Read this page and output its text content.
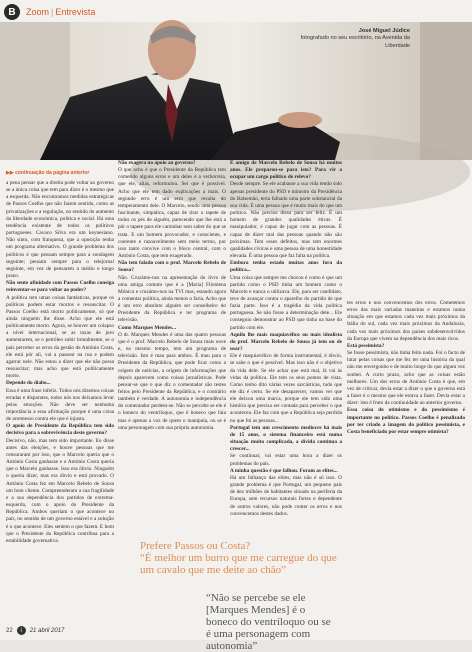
B	Zoom | Entrevista
José Miguel Júdice
fotografado no seu escritório, na Avenida da Liberdade
▶▶ continuação da página anterior

a pena pensar que a direita pode voltar ao governo se a única coisa que tem para dizer é o mesmo que a esquerda. Não encontramos medidas estratégicas de Passos Coelho que não fazem sentido, como as privatizações e a regulação, no sentido do aumento da liberdade económica, política e social. Há uma tendência existente de todos os políticos portugueses. Cavaco Silva era um keynesiano. Não sinto, com franqueza, que a oposição tenha um programa alternativo. O grande problema dos políticos é que pensam sempre para a sondagem seguinte; pensam sempre para o telejornal seguinte, em vez de pensarem a médio e longo prazo.

Não sente afinidade com Passos Coelho consiga reinventar-se para voltar ao poder?

A política tem umas coisas fantásticas, porque os políticos podem estar mortos e ressuscitar. O Passos Coelho está morto politicamente, só que ainda ninguém lhe disse. Acho que ele está politicamente morto. Agora, se houver um colapso a nível internacional, se as taxas de juro aumentarem, se o petróleo subir brutalmente, se o país perceber os erros da gestão de António Costa, ele está pôr ali, vai a passear na rua e podem agarrar nele. Não estou a dizer que ele não possa ressuscitar; mas acho que está politicamente morto.

Depende do diabo...

Essa é uma frase infeliz. Todos nós dizemos coisas erradas e disparates, todos nós nos deixamos levar pelas emoções. Não deve ser nenhuma importância a essa afirmação porque é uma coisa de arremesso contra ele que é injusta.

O apoio de Presidente da República tem sido decisivo para a sobrevivência deste governo?

Decisivo, não, mas tem sido importante. Eu disse antes das eleições, e houve pessoas que me censuraram por isso, que o Marcelo queria que o António Costa ganhasse e o António Costa queria que o Marcelo ganhasse. Isso era óbvio. Ninguém o queria dizer, mas era óbvio e está provado. O António Costa fez em Marcelo Rebelo de Sousa um bom cliente. Compreenderam a sua fragilidade e a sua dependência dos partidos de extrema-esquerda, com o apoio do Presidente da República. Ambos queriam o que acontece no país, no sentido de um governo estável e a solução é o que acontece. Eles sentem o que fazem. E bom que o Presidente da República contribua para a estabilidade governativa.

Não exagera no apoio ao governo?

O que acho é que o Presidente da República tem cometido alguns erros e um deles é a verborreia, que ele, aliás, reformulou. Sei que é possível. Acho que ele tem dado explicações a mais. O segundo erro é um erro que resulta do temperamento dele. O Marcelo, sendo uma pessoa fascinante, simpática, capaz de tirar o tapete de todos os pés de alguém, parecendo que lhe está a pôr o tapete para ele caminhar sem saber do que se trata. E um homem provocador, e consciente, e coerente e razoavelmente sem meio termo, por isso tanto convive com o bloco central, com o António Costa, que tem exagerado.

Não tem falado com o prof. Marcelo Rebelo de Sousa?

Não. Cruzámo-nos na apresentação do livro de uma amiga comum que é a [Maria] Filomena Mónica e cruzámo-nos na TVI mas, estando agora a comentar política, ainda menos o faria. Acho que é um erro absoluto alguém ser conselheiro do Presidente da República e ter programa de televisão.

Como Marques Mendes...

O dr. Marques Mendes é uma das quatro pessoas que é o prof. Marcelo Rebelo de Sousa mais ouve e, no mesmo tempo, tem um programa de televisão. Isto é mau para ambos. É mau para o Presidente da República, que pode ficar como a origem de notícias, a origem de informações que depois aparecem como coisas jornalísticas. Pode pensar-se que o que diz o comentador são testes feitos pelo Presidente da República, e o contrário também é verdade. A autonomia e independência do comentador perdem-se. Não se percebe se ele é o boneco do ventríloquo, que é boneco que fala mas é apenas a voz de quem o manipula, ou se é uma personagem com sua própria autonomia.

É amigo de Marcelo Rebelo de Sousa há muitos anos. Ele preparou-se para isto? Para vir a ocupar um cargo político de relevo?

Desde sempre. Se ele acabasse a sua vida tendo sido apenas presidente do PSD e ministro da Presidência do Balsemão, teria falhado uma parte substancial da sua vida. É uma pessoa que é muito mais do que um político. Não preciso disso para ser feliz. É um homem de grandes qualidades éticas. É manipulador, é capaz de jogar com as pessoas. É capaz de dizer mal das pessoas quando não são próximas. Tem esses defeitos, mas tem enormes qualidades cívicas e uma pessoa de uma honestidade elevada. É uma pessoa que faz falta na política.

Embora tenha estado muitas anos fora da política...

Uma coisa que sempre me chocou é como é que um partido como o PSD tinha um homem como o Marcelo e nunca o utilizava. Ele, para ser candidato, teve de avançar contra o aparelho do partido de que fazia parte. Isso é a tragédia da vida política portuguesa. Se não fosse a determinação dele... Ele conseguiu demonstrar ao PSD que tinha na base do partido com ele.

Aquilo lhe mais maquiavélico ou mais idealista do prof. Marcelo Rebelo de Sousa já tem ou de usar?

Ele é maquiavélico de forma instrumental, é óbvio, se sabe o que é possível. Mas isso não é o objetivo da vida dele. Se ele achar que está mal, lá vai às vidas da política. Ele tem os seus pontos de vista. Como tenho dito várias vezes sarcásticas, tudo que ele diz é certo. Se ele desaparecer, vamos ver que ele deixou uma marca, porque ele tem sido uma história que precisa ser contada para perceber o que aconteceu. Ele faz com que a República seja perdida no que foi as pessoas...

Portugal tem um crescimento medíocre há mais de 15 anos, o sistema financeiro está numa situação muito complicada, a dívida continua a crescer...

Se continuar, vai estar uma hora a dizer os problemas do país.

A minha questão é que falhou. Foram as elites...

Há um falhanço das elites, mas não é só isso. O grande problema é que Portugal, um pequeno país de dez milhões de habitantes situado na periferia da Europa, sem recursos naturais fortes e dependente de outros valores, não pode conter os erros e nos convencemos destes dados.

tes erros e nos convencemos dos erros. Cometemos erros das mais variadas maneiras e estamos numa situação em que estamos cada vez mais próximos da Itália do sul, cada vez mais próximos da Andaluzia, cada vez mais próximos dos países subdesenvolvidos da Europa que vivem na dependência dos mais ricos.

Está pessimista?

Se fosse pessimista, não tinha feito nada. Foi o facto de lutar pelas coisas que me fez ter uma história da qual não me envergonho e de muito longe do que algum vez sonhei. A curto prazo, acho que as coisas estão melhores. Um dos erros de António Costa é que, em vez de criticar, devia estar a dizer o que o governo está a fazer é o mesmo que ele estava a fazer. Devia estar a dizer: isto é fruto da continuidade ao anterior governo.

Essa coisa do otimismo e do pessimismo é importante no político. Passos Coelho é penalizado por ter criado a imagem do político pessimista, e Costa beneficiado por estar sempre otimista?

Prefere Passos ou Costa?
“É melhor um burro que me carregue do que um cavalo que me deite ao chão”
“Não se percebe se ele [Marques Mendes] é o boneco do ventríloquo ou se é uma personagem com autonomia”
22	i	21 abril 2017
